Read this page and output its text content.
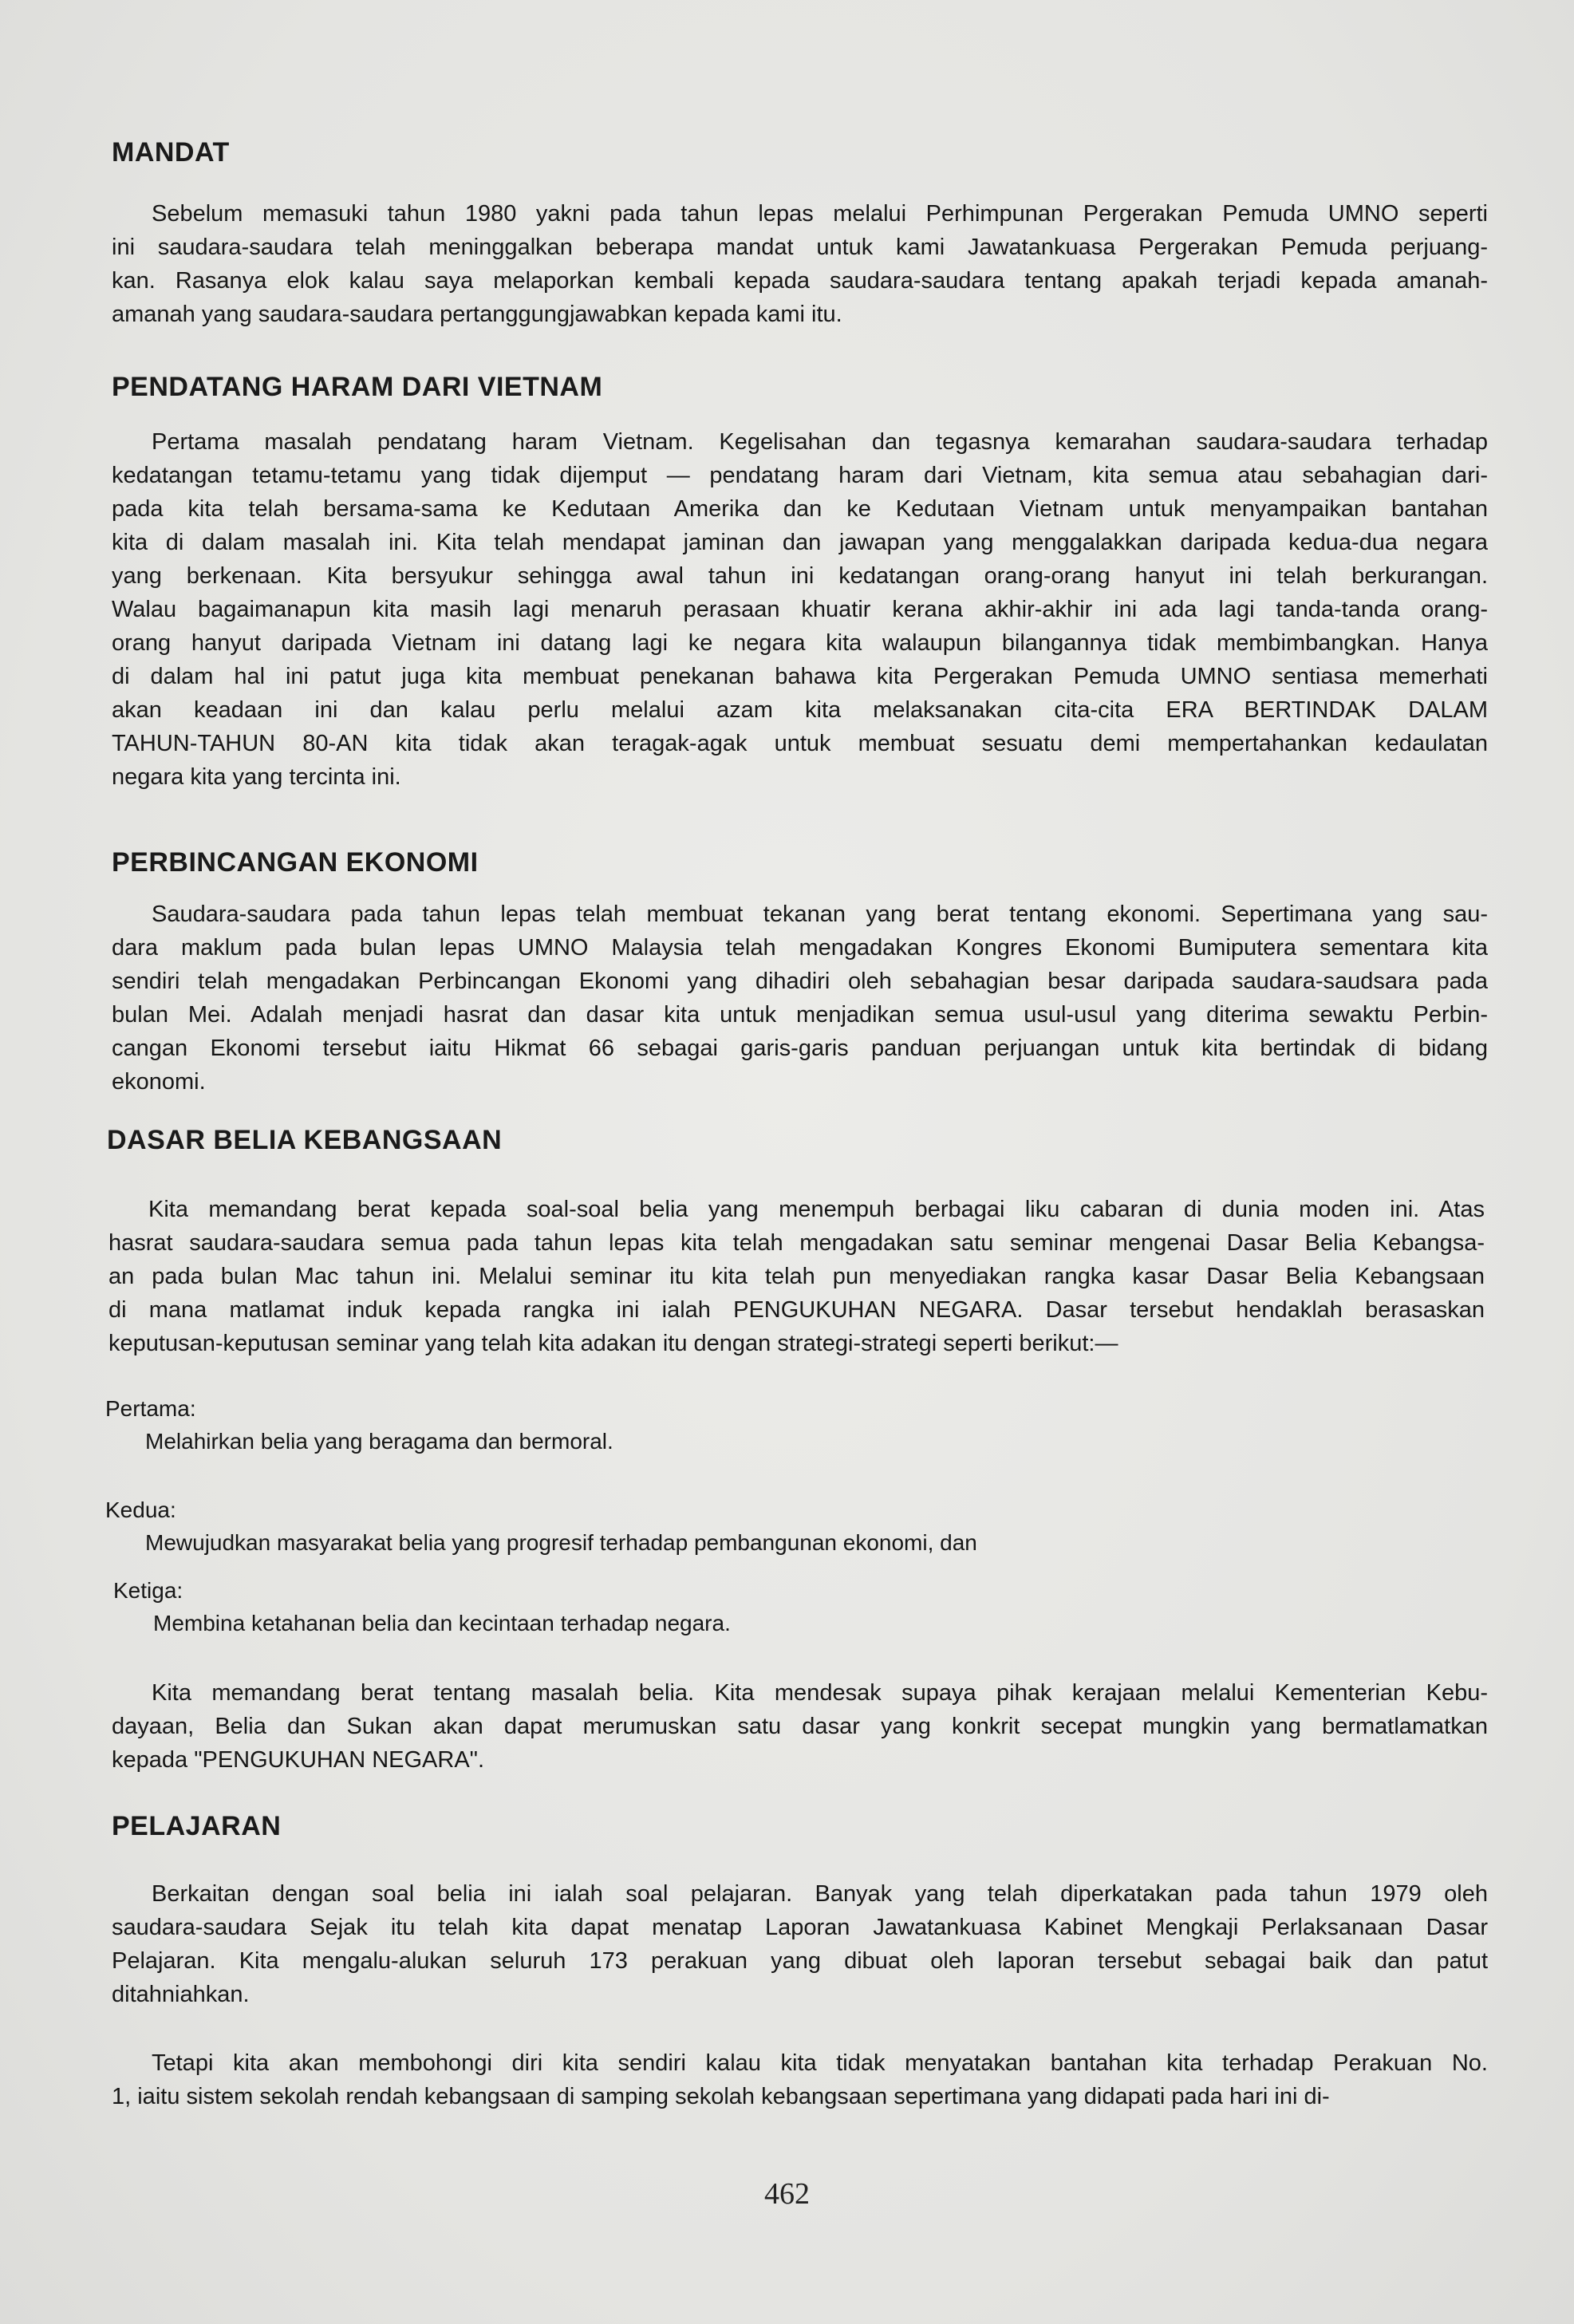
MANDAT
Sebelum memasuki tahun 1980 yakni pada tahun lepas melalui Perhimpunan Pergerakan Pemuda UMNO seperti
ini saudara-saudara telah meninggalkan beberapa mandat untuk kami Jawatankuasa Pergerakan Pemuda perjuang-
kan. Rasanya elok kalau saya melaporkan kembali kepada saudara-saudara tentang apakah terjadi kepada amanah-
amanah yang saudara-saudara pertanggungjawabkan kepada kami itu.
PENDATANG HARAM DARI VIETNAM
Pertama masalah pendatang haram Vietnam. Kegelisahan dan tegasnya kemarahan saudara-saudara terhadap
kedatangan tetamu-tetamu yang tidak dijemput — pendatang haram dari Vietnam, kita semua atau sebahagian dari-
pada kita telah bersama-sama ke Kedutaan Amerika dan ke Kedutaan Vietnam untuk menyampaikan bantahan
kita di dalam masalah ini. Kita telah mendapat jaminan dan jawapan yang menggalakkan daripada kedua-dua negara
yang berkenaan. Kita bersyukur sehingga awal tahun ini kedatangan orang-orang hanyut ini telah berkurangan.
Walau bagaimanapun kita masih lagi menaruh perasaan khuatir kerana akhir-akhir ini ada lagi tanda-tanda orang-
orang hanyut daripada Vietnam ini datang lagi ke negara kita walaupun bilangannya tidak membimbangkan. Hanya
di dalam hal ini patut juga kita membuat penekanan bahawa kita Pergerakan Pemuda UMNO sentiasa memerhati
akan keadaan ini dan kalau perlu melalui azam kita melaksanakan cita-cita ERA BERTINDAK DALAM
TAHUN-TAHUN 80-AN kita tidak akan teragak-agak untuk membuat sesuatu demi mempertahankan kedaulatan
negara kita yang tercinta ini.
PERBINCANGAN EKONOMI
Saudara-saudara pada tahun lepas telah membuat tekanan yang berat tentang ekonomi. Sepertimana yang sau-
dara maklum pada bulan lepas UMNO Malaysia telah mengadakan Kongres Ekonomi Bumiputera sementara kita
sendiri telah mengadakan Perbincangan Ekonomi yang dihadiri oleh sebahagian besar daripada saudara-saudsara pada
bulan Mei. Adalah menjadi hasrat dan dasar kita untuk menjadikan semua usul-usul yang diterima sewaktu Perbin-
cangan Ekonomi tersebut iaitu Hikmat 66 sebagai garis-garis panduan perjuangan untuk kita bertindak di bidang
ekonomi.
DASAR BELIA KEBANGSAAN
Kita memandang berat kepada soal-soal belia yang menempuh berbagai liku cabaran di dunia moden ini. Atas
hasrat saudara-saudara semua pada tahun lepas kita telah mengadakan satu seminar mengenai Dasar Belia Kebangsa-
an pada bulan Mac tahun ini. Melalui seminar itu kita telah pun menyediakan rangka kasar Dasar Belia Kebangsaan
di mana matlamat induk kepada rangka ini ialah PENGUKUHAN NEGARA. Dasar tersebut hendaklah berasaskan
keputusan-keputusan seminar yang telah kita adakan itu dengan strategi-strategi seperti berikut:—
Pertama:
Melahirkan belia yang beragama dan bermoral.
Kedua:
Mewujudkan masyarakat belia yang progresif terhadap pembangunan ekonomi, dan
Ketiga:
Membina ketahanan belia dan kecintaan terhadap negara.
Kita memandang berat tentang masalah belia. Kita mendesak supaya pihak kerajaan melalui Kementerian Kebu-
dayaan, Belia dan Sukan akan dapat merumuskan satu dasar yang konkrit secepat mungkin yang bermatlamatkan
kepada "PENGUKUHAN NEGARA".
PELAJARAN
Berkaitan dengan soal belia ini ialah soal pelajaran. Banyak yang telah diperkatakan pada tahun 1979 oleh
saudara-saudara Sejak itu telah kita dapat menatap Laporan Jawatankuasa Kabinet Mengkaji Perlaksanaan Dasar
Pelajaran. Kita mengalu-alukan seluruh 173 perakuan yang dibuat oleh laporan tersebut sebagai baik dan patut
ditahniahkan.
Tetapi kita akan membohongi diri kita sendiri kalau kita tidak menyatakan bantahan kita terhadap Perakuan No.
1, iaitu sistem sekolah rendah kebangsaan di samping sekolah kebangsaan sepertimana yang didapati pada hari ini di-
462
